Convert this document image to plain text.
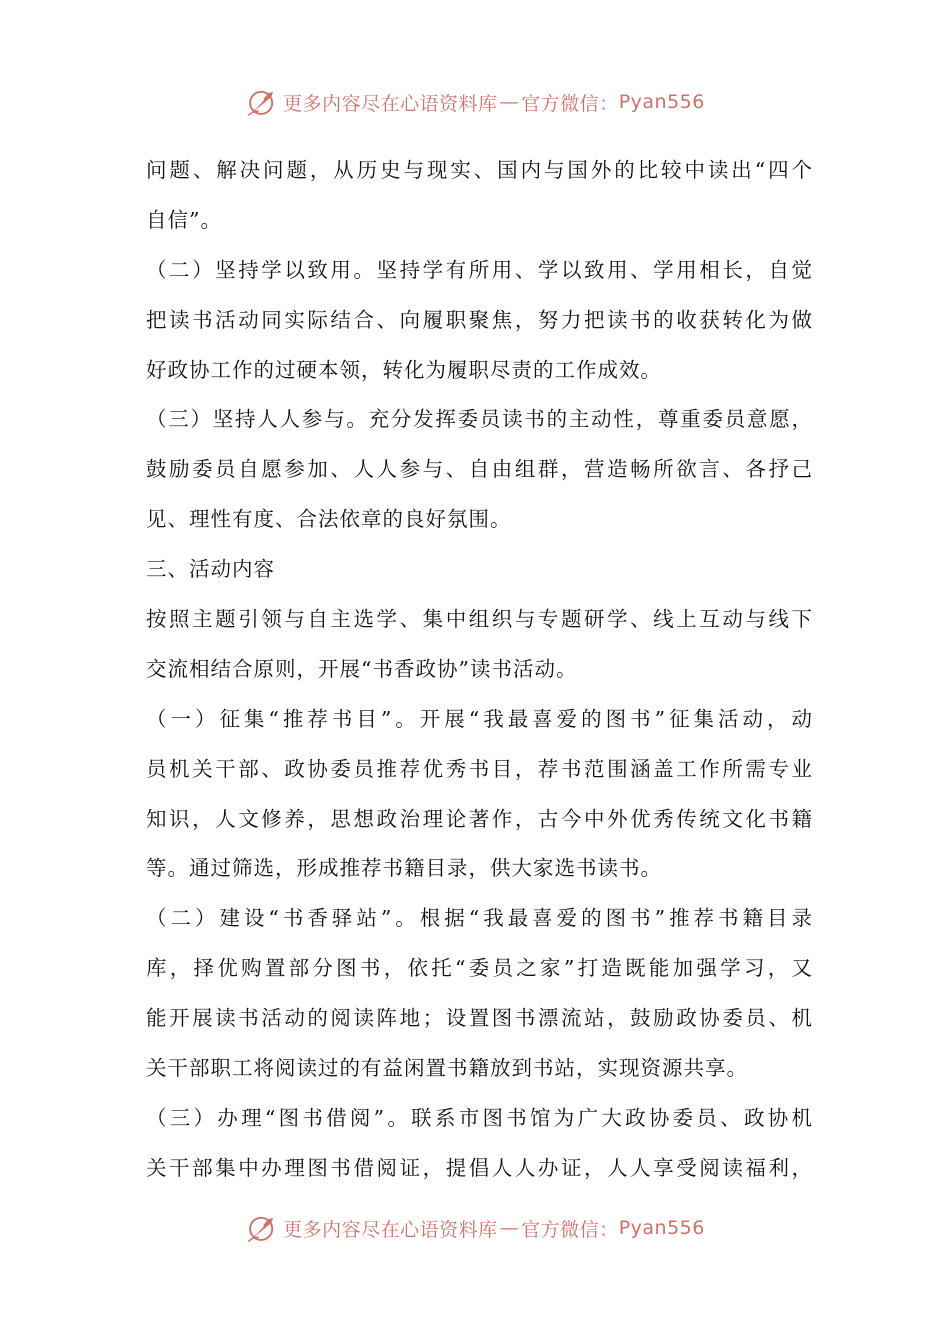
更多内容尽在心语资料库 — 官方微信： Pyan556
问题、解决问题，从历史与现实、国内与国外的比较中读出“四个
自信”。
（二）坚持学以致用。坚持学有所用、学以致用、学用相长，自觉
把读书活动同实际结合、向履职聚焦，努力把读书的收获转化为做
好政协工作的过硬本领，转化为履职尽责的工作成效。
（三）坚持人人参与。充分发挥委员读书的主动性，尊重委员意愿，
鼓励委员自愿参加、人人参与、自由组群，营造畅所欲言、各抒己
见、理性有度、合法依章的良好氛围。
三、活动内容
按照主题引领与自主选学、集中组织与专题研学、线上互动与线下
交流相结合原则，开展“书香政协”读书活动。
（一）征集“推荐书目”。开展“我最喜爱的图书”征集活动，动
员机关干部、政协委员推荐优秀书目，荐书范围涵盖工作所需专业
知识，人文修养，思想政治理论著作，古今中外优秀传统文化书籍
等。通过筛选，形成推荐书籍目录，供大家选书读书。
（二）建设“书香驿站”。根据“我最喜爱的图书”推荐书籍目录
库，择优购置部分图书，依托“委员之家”打造既能加强学习，又
能开展读书活动的阅读阵地；设置图书漂流站，鼓励政协委员、机
关干部职工将阅读过的有益闲置书籍放到书站，实现资源共享。
（三）办理“图书借阅”。联系市图书馆为广大政协委员、政协机
关干部集中办理图书借阅证，提倡人人办证，人人享受阅读福利，
更多内容尽在心语资料库 — 官方微信： Pyan556
